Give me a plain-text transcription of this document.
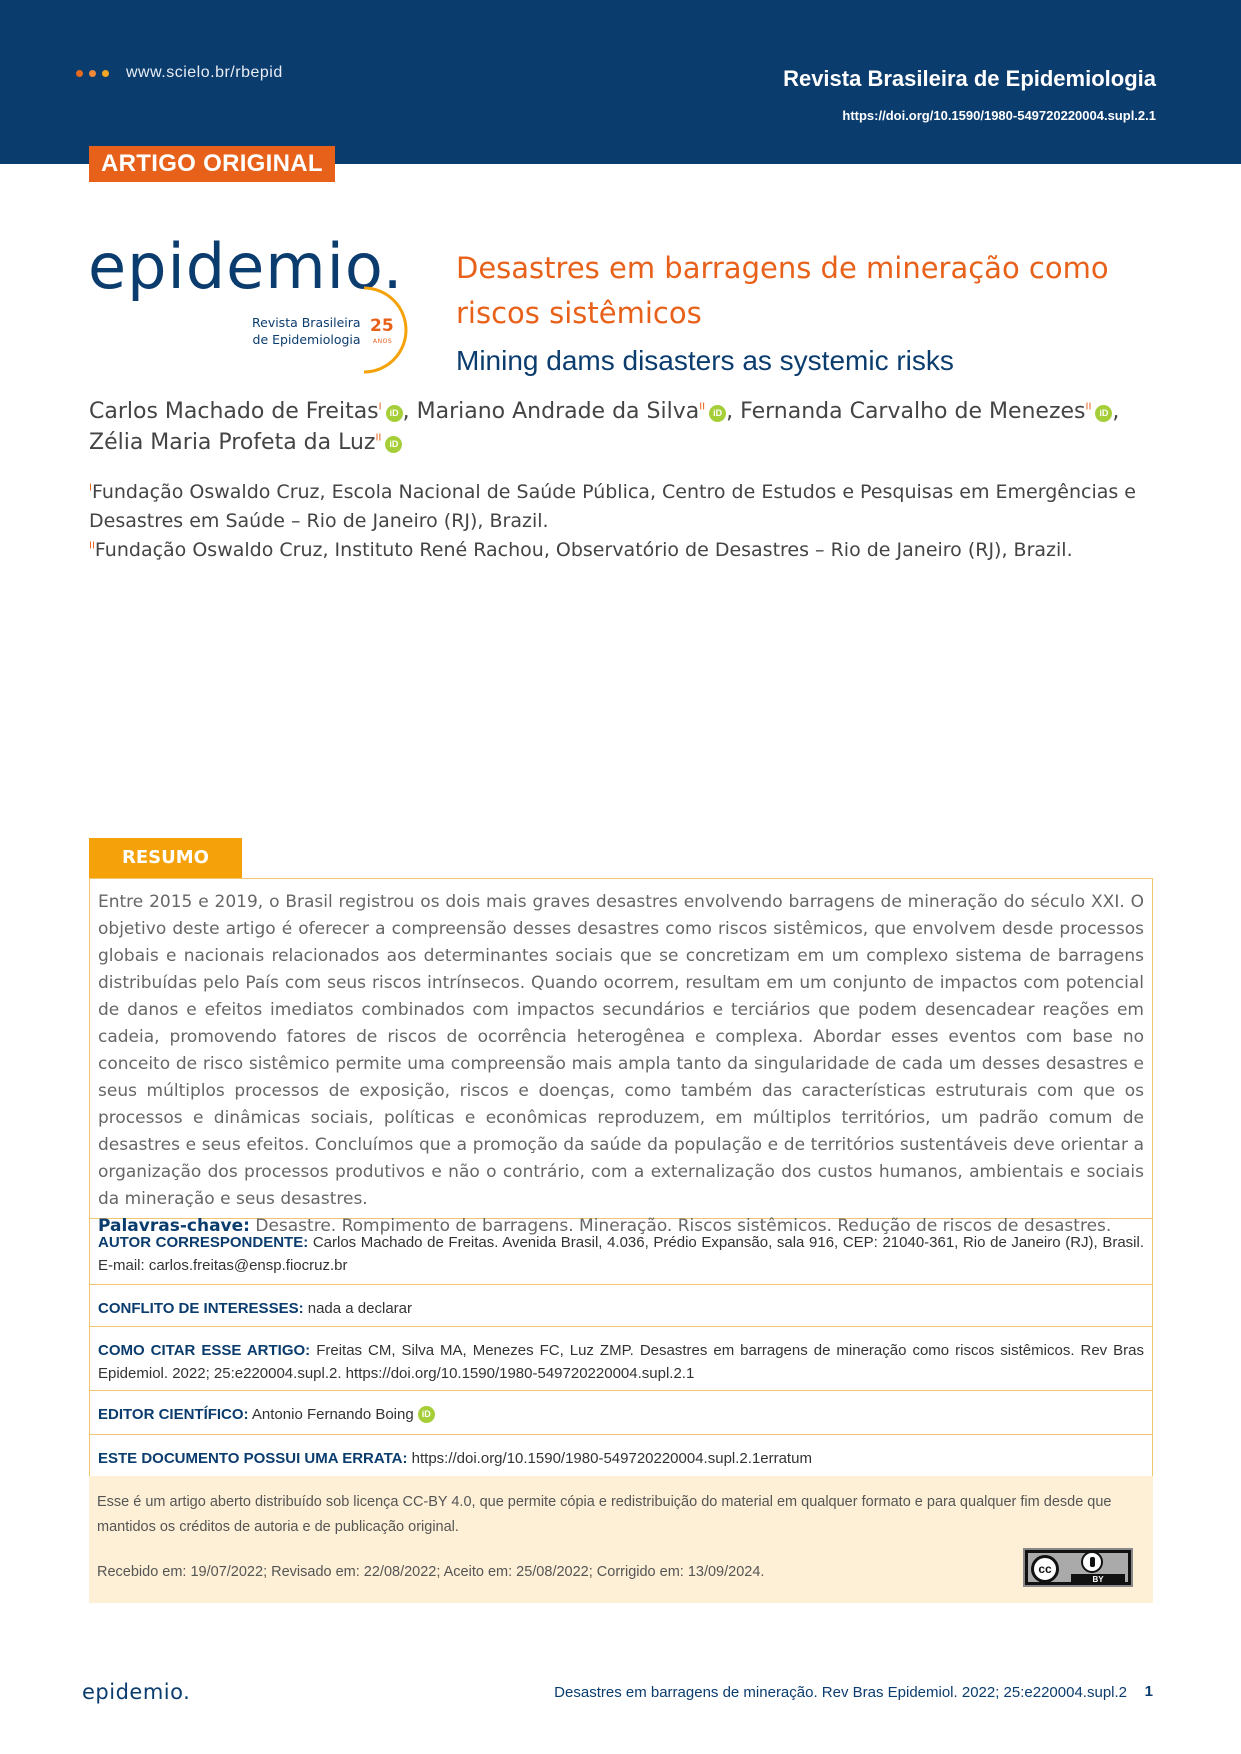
www.scielo.br/rbepid	Revista Brasileira de Epidemiologia
https://doi.org/10.1590/1980-549720220004.supl.2.1
ARTIGO ORIGINAL
epidemio.
Revista Brasileira
de Epidemiologia
25
ANOS
Desastres em barragens de mineração como riscos sistêmicos
Mining dams disasters as systemic risks
Carlos Machado de Freitas$^I$iD , Mariano Andrade da Silva$^{II}$iD , Fernanda Carvalho de Menezes$^{II}$iD ,
Zélia Maria Profeta da Luz$^{II}$iD
$^I$Fundação Oswaldo Cruz, Escola Nacional de Saúde Pública, Centro de Estudos e Pesquisas em Emergências e Desastres em Saúde – Rio de Janeiro (RJ), Brazil.
$^{II}$Fundação Oswaldo Cruz, Instituto René Rachou, Observatório de Desastres – Rio de Janeiro (RJ), Brazil.
RESUMO

Entre 2015 e 2019, o Brasil registrou os dois mais graves desastres envolvendo barragens de mineração do século XXI. O objetivo deste artigo é oferecer a compreensão desses desastres como riscos sistêmicos, que envolvem desde processos globais e nacionais relacionados aos determinantes sociais que se concretizam em um complexo sistema de barragens distribuídas pelo País com seus riscos intrínsecos. Quando ocorrem, resultam em um conjunto de impactos com potencial de danos e efeitos imediatos combinados com impactos secundários e terciários que podem desencadear reações em cadeia, promovendo fatores de riscos de ocorrência heterogênea e complexa. Abordar esses eventos com base no conceito de risco sistêmico permite uma compreensão mais ampla tanto da singularidade de cada um desses desastres e seus múltiplos processos de exposição, riscos e doenças, como também das características estruturais com que os processos e dinâmicas sociais, políticas e econômicas reproduzem, em múltiplos territórios, um padrão comum de desastres e seus efeitos. Concluímos que a promoção da saúde da população e de territórios sustentáveis deve orientar a organização dos processos produtivos e não o contrário, com a externalização dos custos humanos, ambientais e sociais da mineração e seus desastres.

Palavras-chave: Desastre. Rompimento de barragens. Mineração. Riscos sistêmicos. Redução de riscos de desastres.

AUTOR CORRESPONDENTE: Carlos Machado de Freitas. Avenida Brasil, 4.036, Prédio Expansão, sala 916, CEP: 21040-361, Rio de Janeiro (RJ), Brasil. E-mail: carlos.freitas@ensp.fiocruz.br
CONFLITO DE INTERESSES: nada a declarar
COMO CITAR ESSE ARTIGO: Freitas CM, Silva MA, Menezes FC, Luz ZMP. Desastres em barragens de mineração como riscos sistêmicos. Rev Bras Epidemiol. 2022; 25:e220004.supl.2. https://doi.org/10.1590/1980-549720220004.supl.2.1
EDITOR CIENTÍFICO: Antonio Fernando Boing iD
ESTE DOCUMENTO POSSUI UMA ERRATA: https://doi.org/10.1590/1980-549720220004.supl.2.1erratum

Esse é um artigo aberto distribuído sob licença CC-BY 4.0, que permite cópia e redistribuição do material em qualquer formato e para qualquer fim desde que mantidos os créditos de autoria e de publicação original.

Recebido em: 19/07/2022; Revisado em: 22/08/2022; Aceito em: 25/08/2022; Corrigido em: 13/09/2024.	cc
BY
epidemio.	Desastres em barragens de mineração. Rev Bras Epidemiol. 2022; 25:e220004.supl.2 1
